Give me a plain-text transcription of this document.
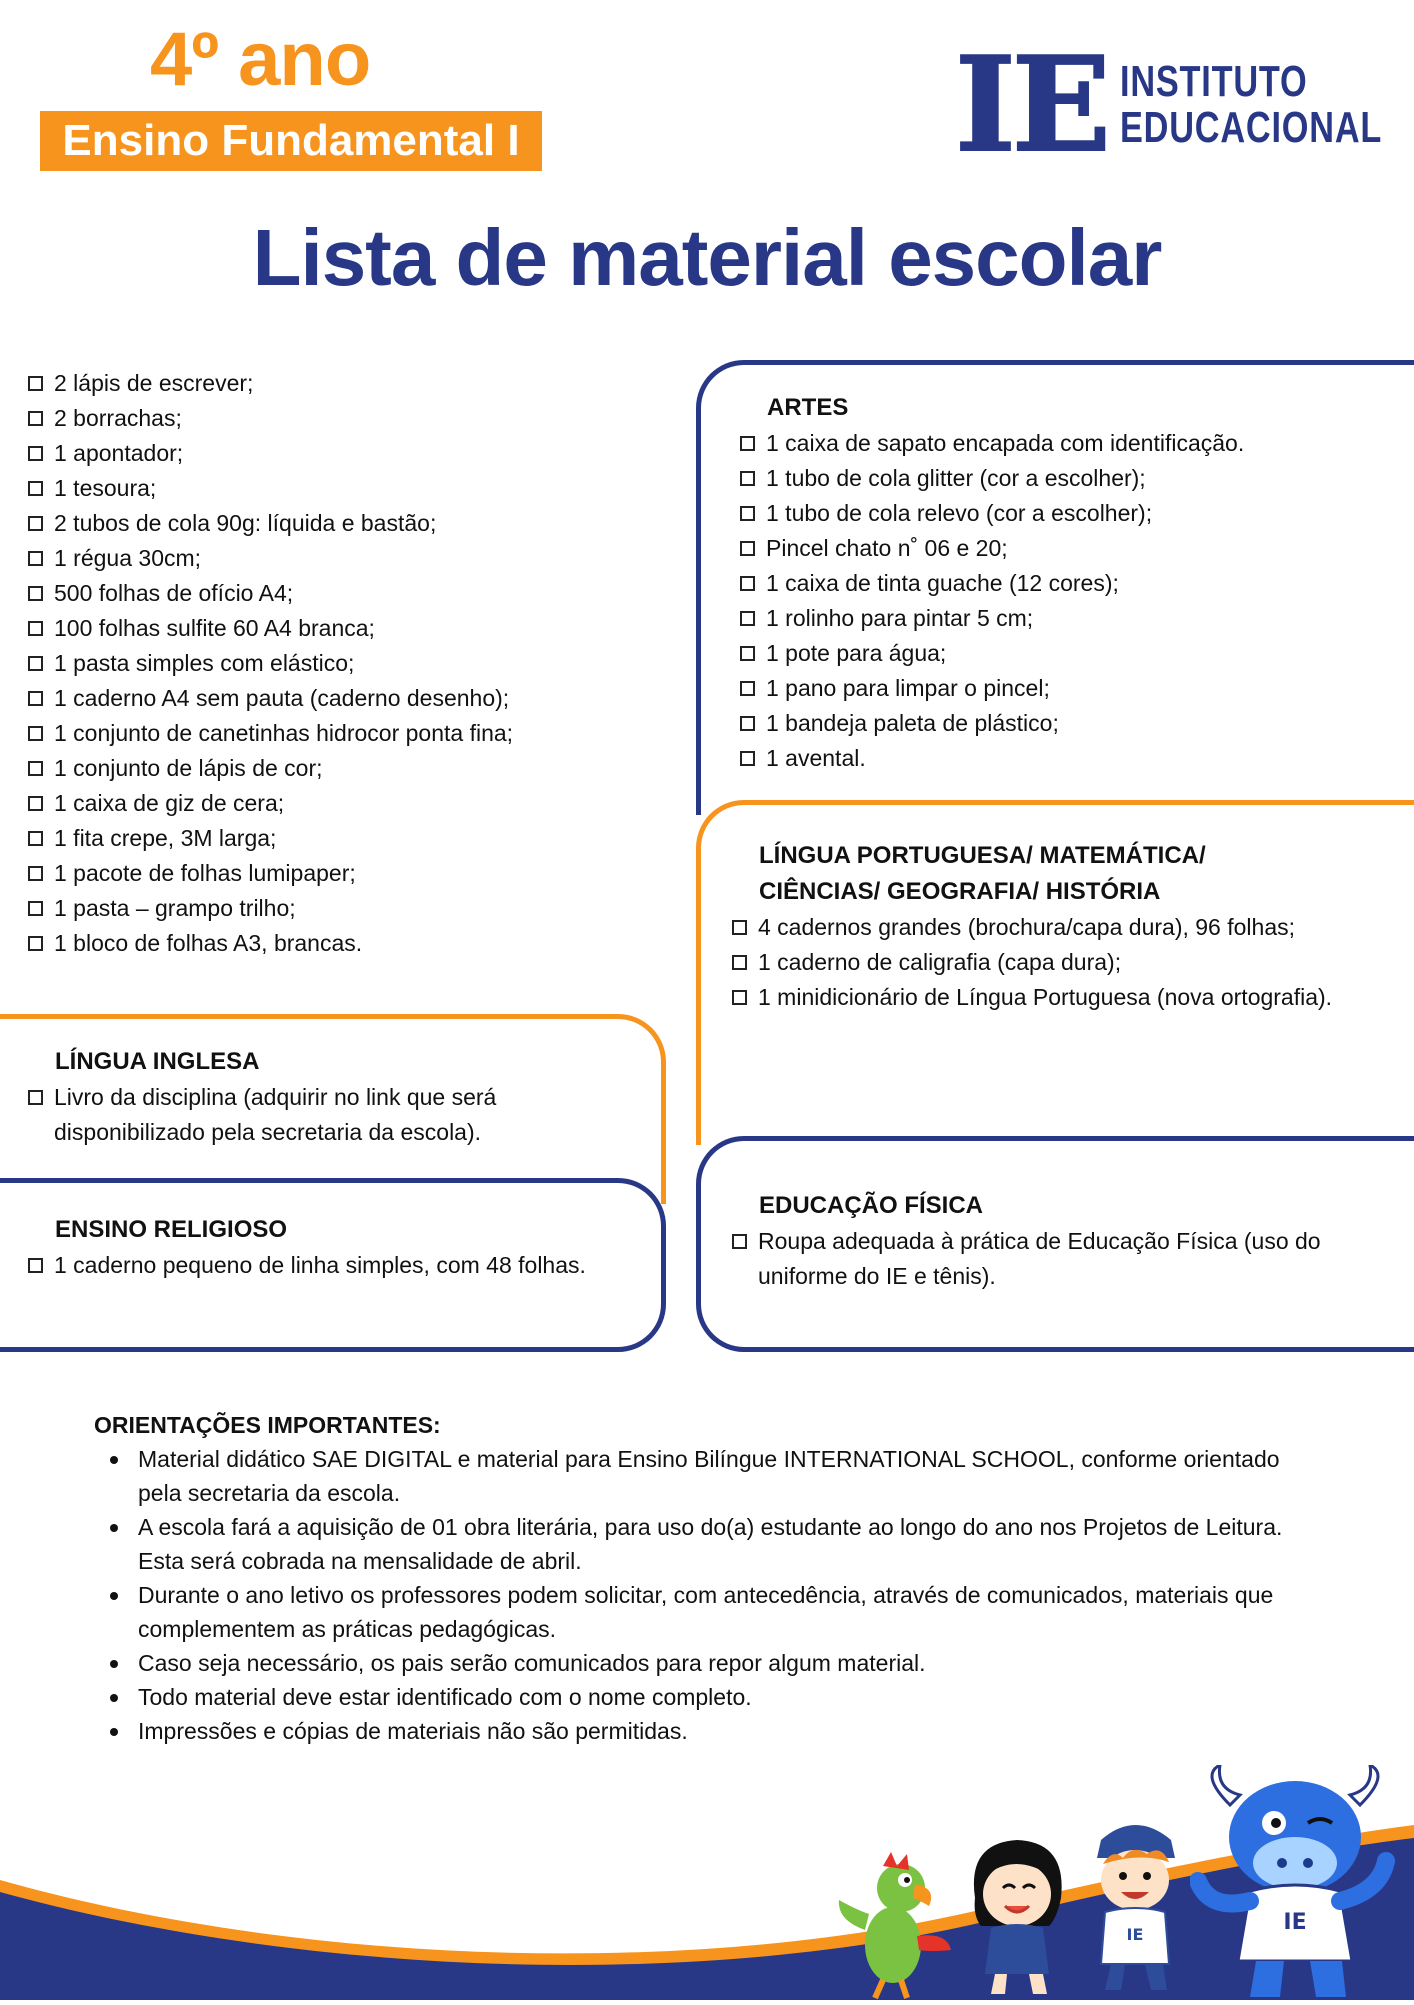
4º ano
Ensino Fundamental I	IE INSTITUTO
EDUCACIONAL
Lista de material escolar
2 lápis de escrever;
2 borrachas;
1 apontador;
1 tesoura;
2 tubos de cola 90g: líquida e bastão;
1 régua 30cm;
500 folhas de ofício A4;
100 folhas sulfite 60 A4 branca;
1 pasta simples com elástico;
1 caderno A4 sem pauta (caderno desenho);
1 conjunto de canetinhas hidrocor ponta fina;
1 conjunto de lápis de cor;
1 caixa de giz de cera;
1 fita crepe, 3M larga;
1 pacote de folhas lumipaper;
1 pasta – grampo trilho;
1 bloco de folhas A3, brancas.
ARTES
1 caixa de sapato encapada com identificação.
1 tubo de cola glitter (cor a escolher);
1 tubo de cola relevo (cor a escolher);
Pincel chato n˚ 06 e 20;
1 caixa de tinta guache (12 cores);
1 rolinho para pintar 5 cm;
1 pote para água;
1 pano para limpar o pincel;
1 bandeja paleta de plástico;
1 avental.
LÍNGUA PORTUGUESA/ MATEMÁTICA/
CIÊNCIAS/ GEOGRAFIA/ HISTÓRIA
4 cadernos grandes (brochura/capa dura), 96 folhas;
1 caderno de caligrafia (capa dura);
1 minidicionário de Língua Portuguesa (nova ortografia).
EDUCAÇÃO FÍSICA
Roupa adequada à prática de Educação Física (uso do uniforme do IE e tênis).
LÍNGUA INGLESA
Livro da disciplina (adquirir no link que será disponibilizado pela secretaria da escola).
ENSINO RELIGIOSO
1 caderno pequeno de linha simples, com 48 folhas.
ORIENTAÇÕES IMPORTANTES:
Material didático SAE DIGITAL e material para Ensino Bilíngue INTERNATIONAL SCHOOL, conforme orientado pela secretaria da escola.
A escola fará a aquisição de 01 obra literária, para uso do(a) estudante ao longo do ano nos Projetos de Leitura. Esta será cobrada na mensalidade de abril.
Durante o ano letivo os professores podem solicitar, com antecedência, através de comunicados, materiais que complementem as práticas pedagógicas.
Caso seja necessário, os pais serão comunicados para repor algum material.
Todo material deve estar identificado com o nome completo.
Impressões e cópias de materiais não são permitidas.
IE	IE
